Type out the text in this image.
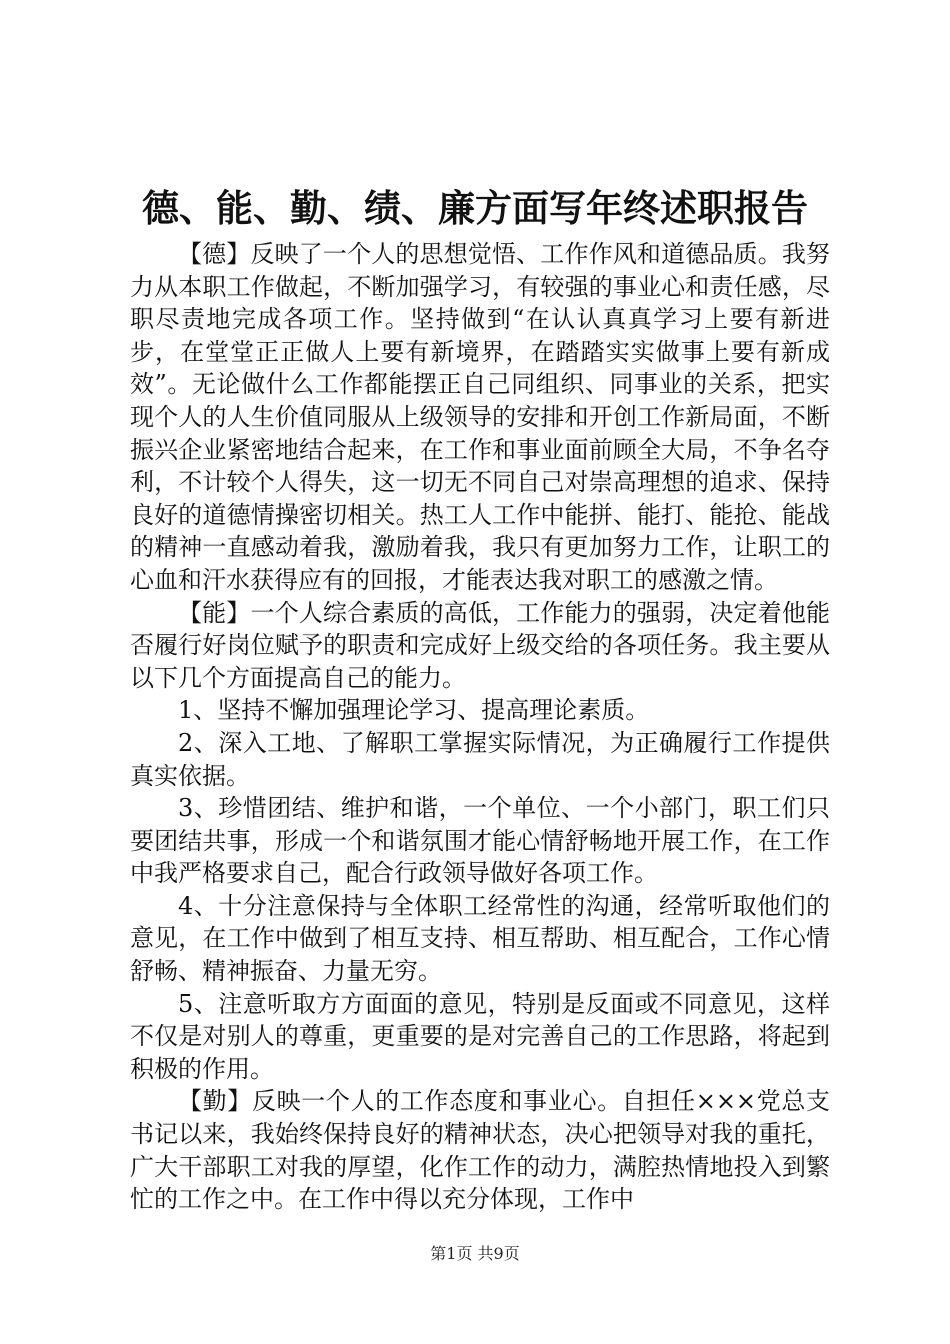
德、能、勤、绩、廉方面写年终述职报告

【德】反映了一个人的思想觉悟、工作作风和道德品质。我努力从本职工作做起，不断加强学习，有较强的事业心和责任感，尽职尽责地完成各项工作。坚持做到“在认认真真学习上要有新进步，在堂堂正正做人上要有新境界，在踏踏实实做事上要有新成效”。无论做什么工作都能摆正自己同组织、同事业的关系，把实现个人的人生价值同服从上级领导的安排和开创工作新局面，不断振兴企业紧密地结合起来，在工作和事业面前顾全大局，不争名夺利，不计较个人得失，这一切无不同自己对崇高理想的追求、保持良好的道德情操密切相关。热工人工作中能拼、能打、能抢、能战的精神一直感动着我，激励着我，我只有更加努力工作，让职工的心血和汗水获得应有的回报，才能表达我对职工的感激之情。

【能】一个人综合素质的高低，工作能力的强弱，决定着他能否履行好岗位赋予的职责和完成好上级交给的各项任务。我主要从以下几个方面提高自己的能力。

1、坚持不懈加强理论学习、提高理论素质。

2、深入工地、了解职工掌握实际情况，为正确履行工作提供真实依据。

3、珍惜团结、维护和谐，一个单位、一个小部门，职工们只要团结共事，形成一个和谐氛围才能心情舒畅地开展工作，在工作中我严格要求自己，配合行政领导做好各项工作。

4、十分注意保持与全体职工经常性的沟通，经常听取他们的意见，在工作中做到了相互支持、相互帮助、相互配合，工作心情舒畅、精神振奋、力量无穷。

5、注意听取方方面面的意见，特别是反面或不同意见，这样不仅是对别人的尊重，更重要的是对完善自己的工作思路，将起到积极的作用。

【勤】反映一个人的工作态度和事业心。自担任×××党总支书记以来，我始终保持良好的精神状态，决心把领导对我的重托，广大干部职工对我的厚望，化作工作的动力，满腔热情地投入到繁忙的工作之中。在工作中得以充分体现，工作中

第1页 共9页
